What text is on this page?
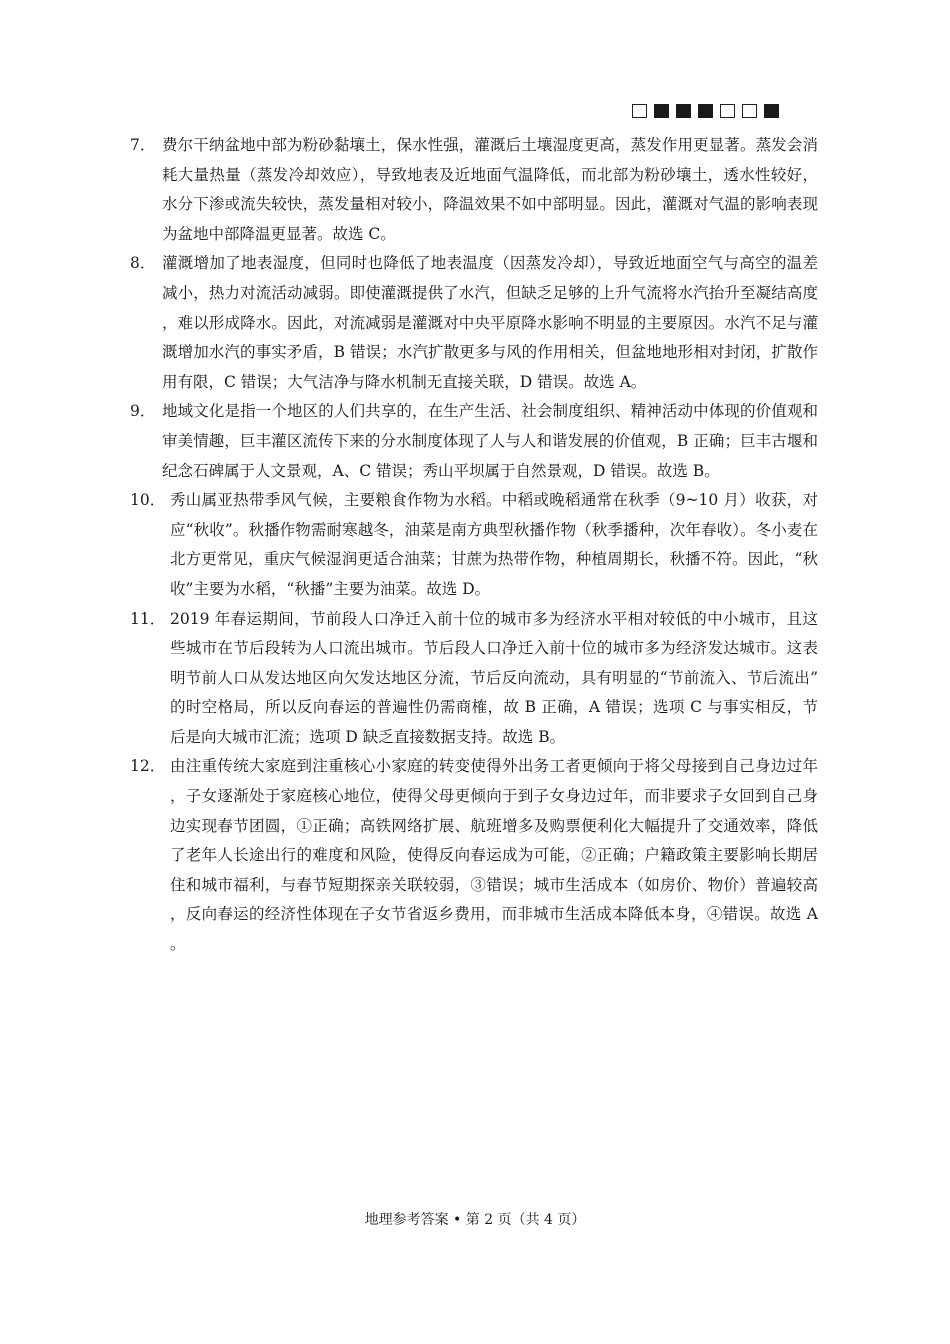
7． 费尔干纳盆地中部为粉砂黏壤土，保水性强，灌溉后土壤湿度更高，蒸发作用更显著。蒸发会消耗大量热量（蒸发冷却效应），导致地表及近地面气温降低，而北部为粉砂壤土，透水性较好，水分下渗或流失较快，蒸发量相对较小，降温效果不如中部明显。因此，灌溉对气温的影响表现为盆地中部降温更显著。故选 C。
8． 灌溉增加了地表湿度，但同时也降低了地表温度（因蒸发冷却），导致近地面空气与高空的温差减小，热力对流活动减弱。即使灌溉提供了水汽，但缺乏足够的上升气流将水汽抬升至凝结高度，难以形成降水。因此，对流减弱是灌溉对中央平原降水影响不明显的主要原因。水汽不足与灌溉增加水汽的事实矛盾，B 错误；水汽扩散更多与风的作用相关，但盆地地形相对封闭，扩散作用有限，C 错误；大气洁净与降水机制无直接关联，D 错误。故选 A。
9． 地域文化是指一个地区的人们共享的，在生产生活、社会制度组织、精神活动中体现的价值观和审美情趣，巨丰灌区流传下来的分水制度体现了人与人和谐发展的价值观，B 正确；巨丰古堰和纪念石碑属于人文景观，A、C 错误；秀山平坝属于自然景观，D 错误。故选 B。
10． 秀山属亚热带季风气候，主要粮食作物为水稻。中稻或晚稻通常在秋季（9~10 月）收获，对应“秋收”。秋播作物需耐寒越冬，油菜是南方典型秋播作物（秋季播种，次年春收）。冬小麦在北方更常见，重庆气候湿润更适合油菜；甘蔗为热带作物，种植周期长，秋播不符。因此，“秋收”主要为水稻，“秋播”主要为油菜。故选 D。
11． 2019 年春运期间，节前段人口净迁入前十位的城市多为经济水平相对较低的中小城市，且这些城市在节后段转为人口流出城市。节后段人口净迁入前十位的城市多为经济发达城市。这表明节前人口从发达地区向欠发达地区分流，节后反向流动，具有明显的“节前流入、节后流出”的时空格局，所以反向春运的普遍性仍需商榷，故 B 正确，A 错误；选项 C 与事实相反，节后是向大城市汇流；选项 D 缺乏直接数据支持。故选 B。
12． 由注重传统大家庭到注重核心小家庭的转变使得外出务工者更倾向于将父母接到自己身边过年，子女逐渐处于家庭核心地位，使得父母更倾向于到子女身边过年，而非要求子女回到自己身边实现春节团圆，①正确；高铁网络扩展、航班增多及购票便利化大幅提升了交通效率，降低了老年人长途出行的难度和风险，使得反向春运成为可能，②正确；户籍政策主要影响长期居住和城市福利，与春节短期探亲关联较弱，③错误；城市生活成本（如房价、物价）普遍较高，反向春运的经济性体现在子女节省返乡费用，而非城市生活成本降低本身，④错误。故选 A。
地理参考答案 • 第 2 页（共 4 页）
